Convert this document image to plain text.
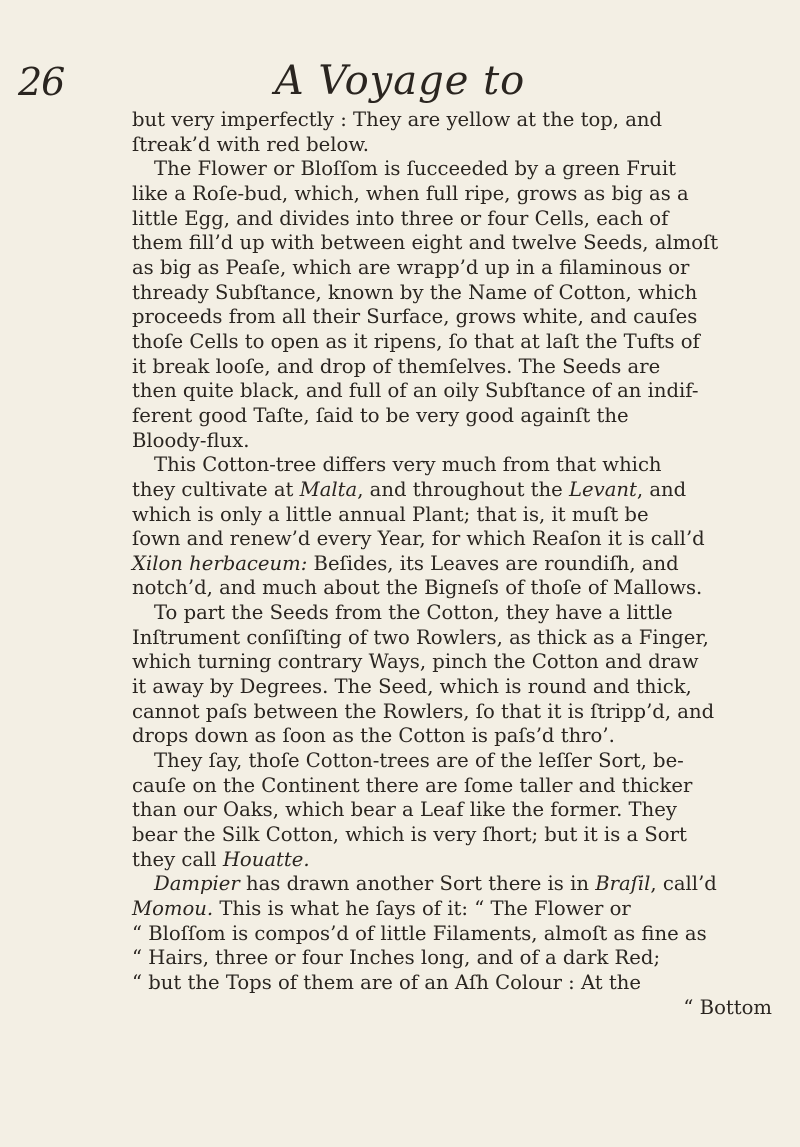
26	A Voyage to
but very imperfectly : They are yellow at the top, and
ſtreak’d with red below.
The Flower or Bloſſom is ſucceeded by a green Fruit
like a Roſe-bud, which, when full ripe, grows as big as a
little Egg, and divides into three or four Cells, each of
them fill’d up with between eight and twelve Seeds, almoſt
as big as Peaſe, which are wrapp’d up in a filaminous or
thready Subſtance, known by the Name of Cotton, which
proceeds from all their Surface, grows white, and cauſes
thoſe Cells to open as it ripens, ſo that at laſt the Tufts of
it break looſe, and drop of themſelves. The Seeds are
then quite black, and full of an oily Subſtance of an indif-
ferent good Taſte, ſaid to be very good againſt the
Bloody-flux.
This Cotton-tree differs very much from that which
they cultivate at Malta, and throughout the Levant, and
which is only a little annual Plant; that is, it muſt be
ſown and renew’d every Year, for which Reaſon it is call’d
Xilon herbaceum: Beſides, its Leaves are roundiſh, and
notch’d, and much about the Bigneſs of thoſe of Mallows.
To part the Seeds from the Cotton, they have a little
Inſtrument conſiſting of two Rowlers, as thick as a Finger,
which turning contrary Ways, pinch the Cotton and draw
it away by Degrees. The Seed, which is round and thick,
cannot paſs between the Rowlers, ſo that it is ſtripp’d, and
drops down as ſoon as the Cotton is paſs’d thro’.
They ſay, thoſe Cotton-trees are of the leſſer Sort, be-
cauſe on the Continent there are ſome taller and thicker
than our Oaks, which bear a Leaf like the former. They
bear the Silk Cotton, which is very ſhort; but it is a Sort
they call Houatte.
Dampier has drawn another Sort there is in Braſil, call’d
Momou. This is what he ſays of it: “ The Flower or
“ Bloſſom is compos’d of little Filaments, almoſt as fine as
“ Hairs, three or four Inches long, and of a dark Red;
“ but the Tops of them are of an Aſh Colour : At the
“ Bottom
